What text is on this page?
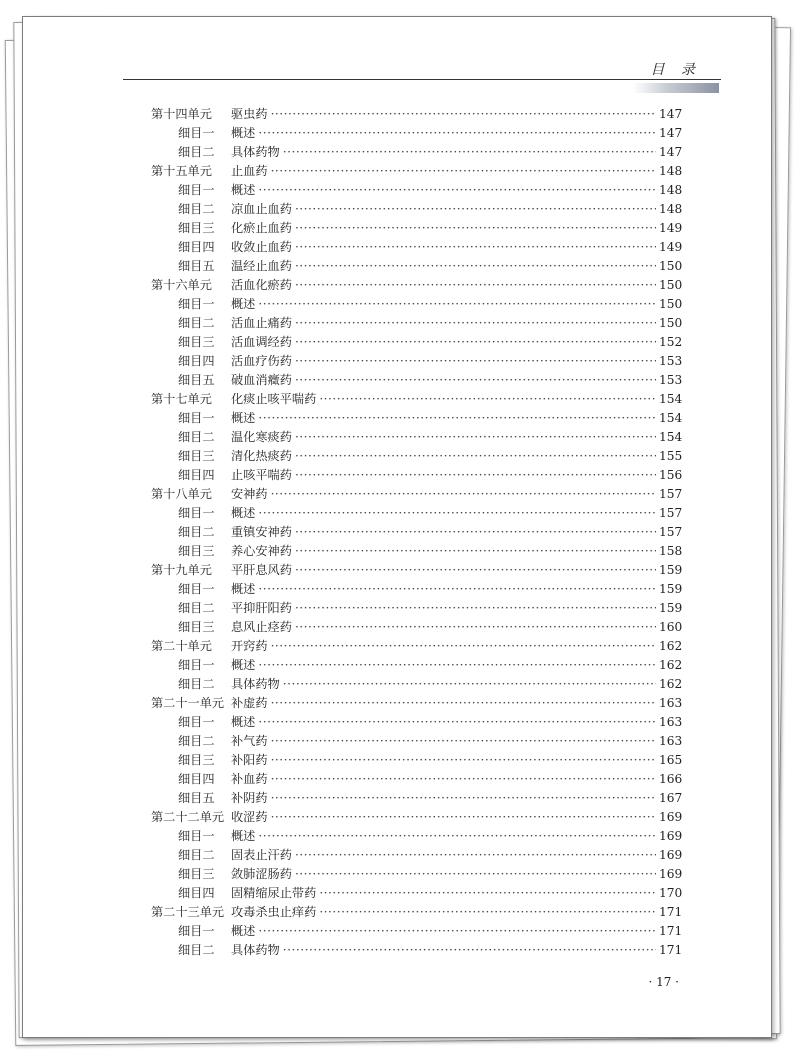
目 录
第十四单元	驱虫药 ·····	147
细目一	概述 ·····	147
细目二	具体药物 ·····	147
第十五单元	止血药 ·····	148
细目一	概述 ·····	148
细目二	凉血止血药 ·····	148
细目三	化瘀止血药 ·····	149
细目四	收敛止血药 ·····	149
细目五	温经止血药 ·····	150
第十六单元	活血化瘀药 ·····	150
细目一	概述 ·····	150
细目二	活血止痛药 ·····	150
细目三	活血调经药 ·····	152
细目四	活血疗伤药 ·····	153
细目五	破血消癥药 ·····	153
第十七单元	化痰止咳平喘药 ·····	154
细目一	概述 ·····	154
细目二	温化寒痰药 ·····	154
细目三	清化热痰药 ·····	155
细目四	止咳平喘药 ·····	156
第十八单元	安神药 ·····	157
细目一	概述 ·····	157
细目二	重镇安神药 ·····	157
细目三	养心安神药 ·····	158
第十九单元	平肝息风药 ·····	159
细目一	概述 ·····	159
细目二	平抑肝阳药 ·····	159
细目三	息风止痉药 ·····	160
第二十单元	开窍药 ·····	162
细目一	概述 ·····	162
细目二	具体药物 ·····	162
第二十一单元 补虚药 ·····	163
细目一	概述 ·····	163
细目二	补气药 ·····	163
细目三	补阳药 ·····	165
细目四	补血药 ·····	166
细目五	补阴药 ·····	167
第二十二单元 收涩药 ·····	169
细目一	概述 ·····	169
细目二	固表止汗药 ·····	169
细目三	敛肺涩肠药 ·····	169
细目四	固精缩尿止带药 ·····	170
第二十三单元 攻毒杀虫止痒药 ·····	171
细目一	概述 ·····	171
细目二	具体药物 ·····	171
· 17 ·
